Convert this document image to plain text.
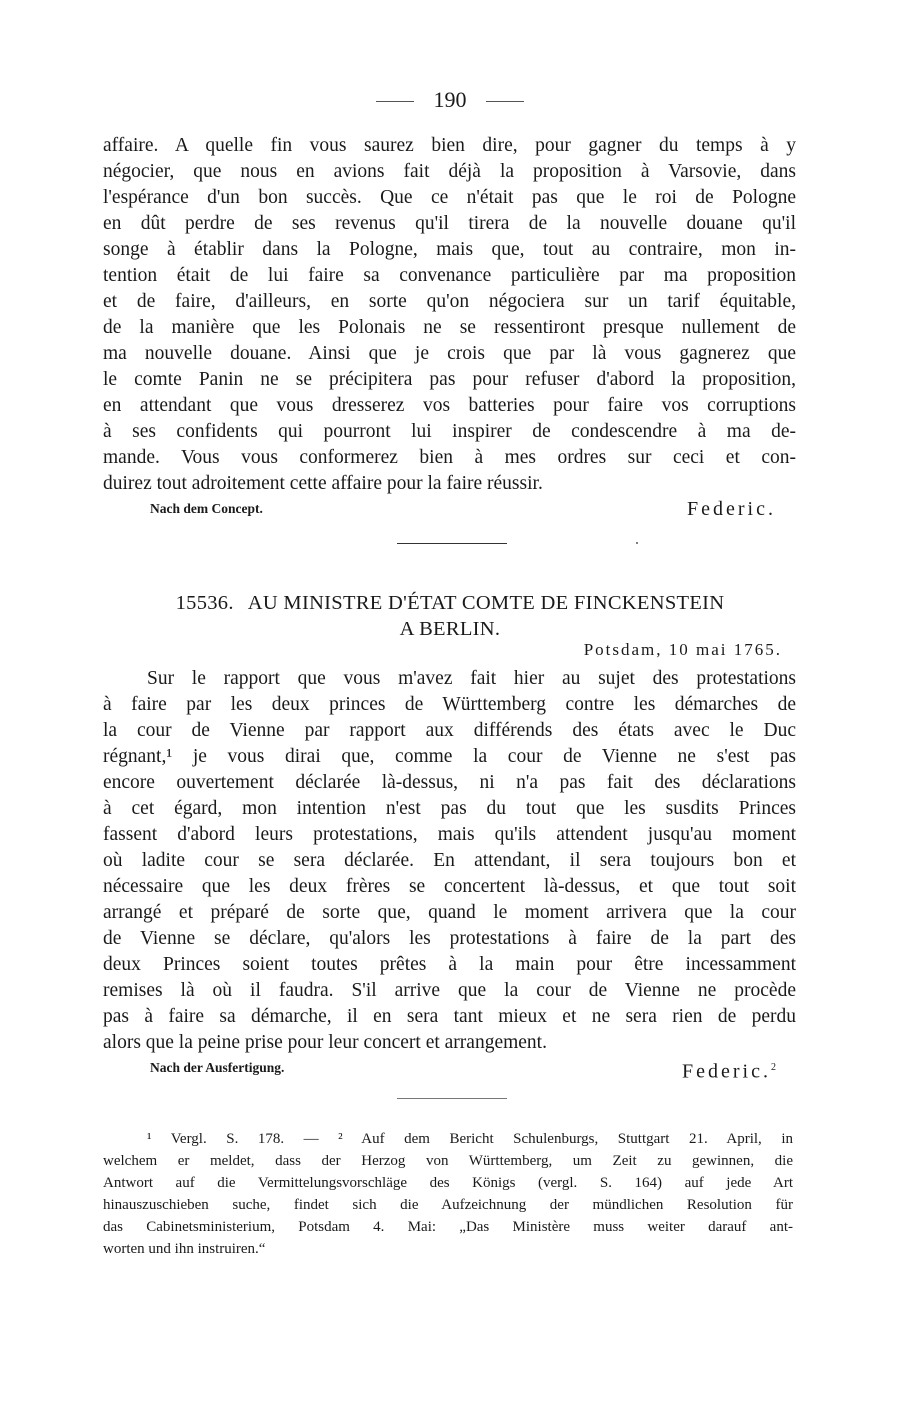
190
affaire. A quelle fin vous saurez bien dire, pour gagner du temps à y
négocier, que nous en avions fait déjà la proposition à Varsovie, dans
l'espérance d'un bon succès. Que ce n'était pas que le roi de Pologne
en dût perdre de ses revenus qu'il tirera de la nouvelle douane qu'il
songe à établir dans la Pologne, mais que, tout au contraire, mon in-
tention était de lui faire sa convenance particulière par ma proposition
et de faire, d'ailleurs, en sorte qu'on négociera sur un tarif équitable,
de la manière que les Polonais ne se ressentiront presque nullement de
ma nouvelle douane. Ainsi que je crois que par là vous gagnerez que
le comte Panin ne se précipitera pas pour refuser d'abord la proposition,
en attendant que vous dresserez vos batteries pour faire vos corruptions
à ses confidents qui pourront lui inspirer de condescendre à ma de-
mande. Vous vous conformerez bien à mes ordres sur ceci et con-
duirez tout adroitement cette affaire pour la faire réussir.
Nach dem Concept.	Federic.
15536. AU MINISTRE D'ÉTAT COMTE DE FINCKENSTEIN
A BERLIN.
Potsdam, 10 mai 1765.
Sur le rapport que vous m'avez fait hier au sujet des protestations
à faire par les deux princes de Württemberg contre les démarches de
la cour de Vienne par rapport aux différends des états avec le Duc
régnant,¹ je vous dirai que, comme la cour de Vienne ne s'est pas
encore ouvertement déclarée là-dessus, ni n'a pas fait des déclarations
à cet égard, mon intention n'est pas du tout que les susdits Princes
fassent d'abord leurs protestations, mais qu'ils attendent jusqu'au moment
où ladite cour se sera déclarée. En attendant, il sera toujours bon et
nécessaire que les deux frères se concertent là-dessus, et que tout soit
arrangé et préparé de sorte que, quand le moment arrivera que la cour
de Vienne se déclare, qu'alors les protestations à faire de la part des
deux Princes soient toutes prêtes à la main pour être incessamment
remises là où il faudra. S'il arrive que la cour de Vienne ne procède
pas à faire sa démarche, il en sera tant mieux et ne sera rien de perdu
alors que la peine prise pour leur concert et arrangement.
Nach der Ausfertigung.	Federic.$^2$
¹ Vergl. S. 178. — ² Auf dem Bericht Schulenburgs, Stuttgart 21. April, in
welchem er meldet, dass der Herzog von Württemberg, um Zeit zu gewinnen, die
Antwort auf die Vermittelungsvorschläge des Königs (vergl. S. 164) auf jede Art
hinauszuschieben suche, findet sich die Aufzeichnung der mündlichen Resolution für
das Cabinetsministerium, Potsdam 4. Mai: „Das Ministère muss weiter darauf ant-
worten und ihn instruiren.“
